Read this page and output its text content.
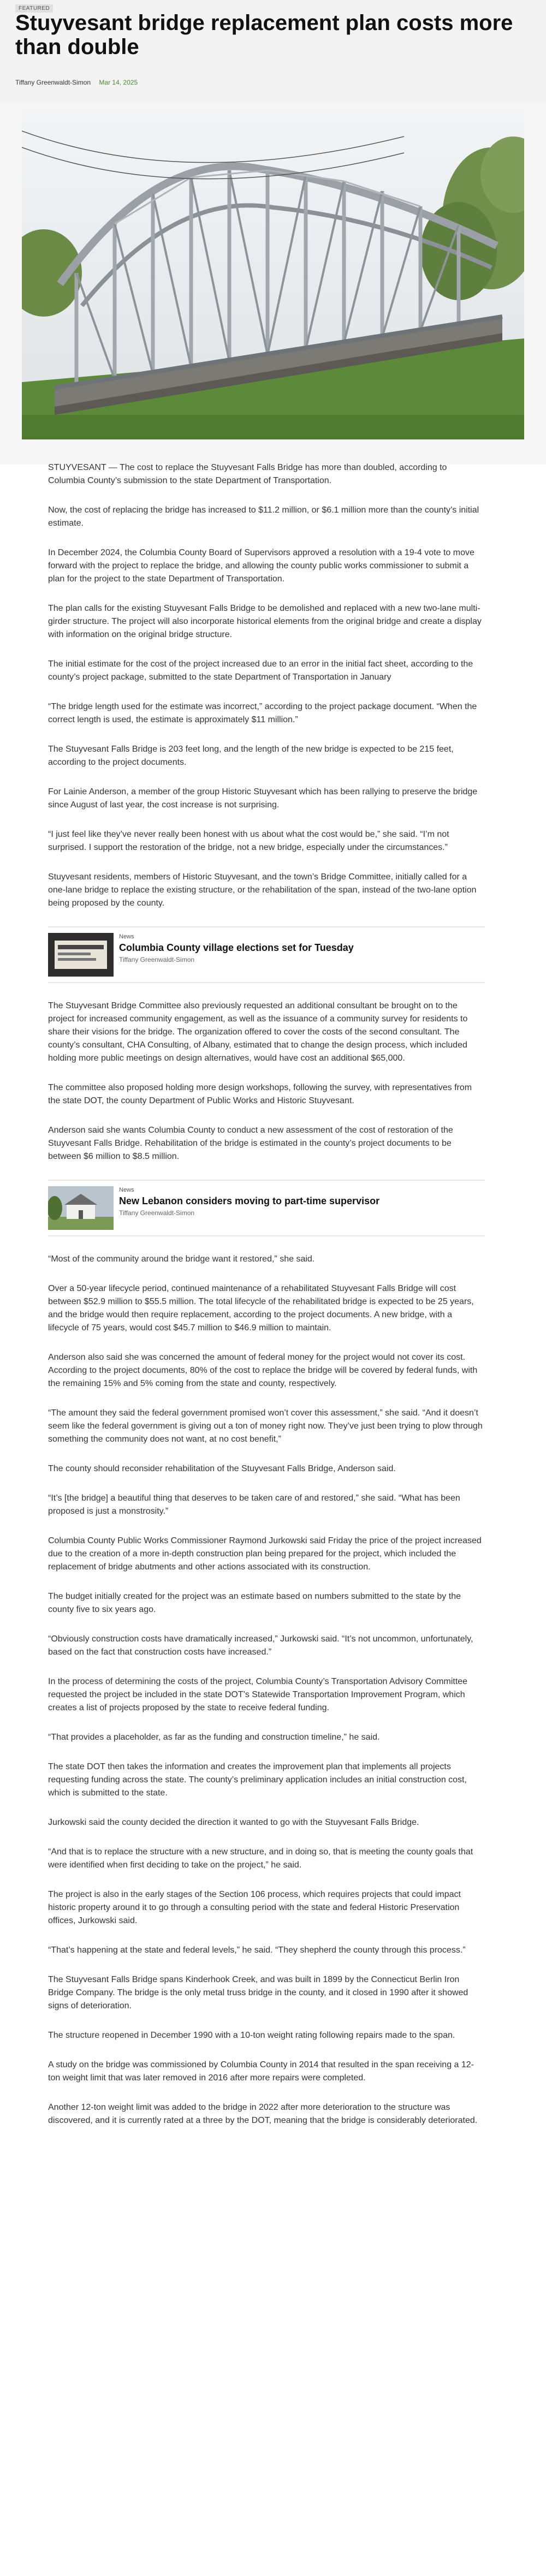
FEATURED
Stuyvesant bridge replacement plan costs more than double
Tiffany Greenwaldt-Simon Mar 14, 2025

STUYVESANT — The cost to replace the Stuyvesant Falls Bridge has more than doubled, according to Columbia County’s submission to the state Department of Transportation.

Now, the cost of replacing the bridge has increased to $11.2 million, or $6.1 million more than the county’s initial estimate.

In December 2024, the Columbia County Board of Supervisors approved a resolution with a 19-4 vote to move forward with the project to replace the bridge, and allowing the county public works commissioner to submit a plan for the project to the state Department of Transportation.

The plan calls for the existing Stuyvesant Falls Bridge to be demolished and replaced with a new two-lane multi-girder structure. The project will also incorporate historical elements from the original bridge and create a display with information on the original bridge structure.

The initial estimate for the cost of the project increased due to an error in the initial fact sheet, according to the county’s project package, submitted to the state Department of Transportation in January

“The bridge length used for the estimate was incorrect,” according to the project package document. “When the correct length is used, the estimate is approximately $11 million.”

The Stuyvesant Falls Bridge is 203 feet long, and the length of the new bridge is expected to be 215 feet, according to the project documents.

For Lainie Anderson, a member of the group Historic Stuyvesant which has been rallying to preserve the bridge since August of last year, the cost increase is not surprising.

“I just feel like they’ve never really been honest with us about what the cost would be,” she said. “I’m not surprised. I support the restoration of the bridge, not a new bridge, especially under the circumstances.”

Stuyvesant residents, members of Historic Stuyvesant, and the town’s Bridge Committee, initially called for a one-lane bridge to replace the existing structure, or the rehabilitation of the span, instead of the two-lane option being proposed by the county.

News
Columbia County village elections set for Tuesday
Tiffany Greenwaldt-Simon

The Stuyvesant Bridge Committee also previously requested an additional consultant be brought on to the project for increased community engagement, as well as the issuance of a community survey for residents to share their visions for the bridge. The organization offered to cover the costs of the second consultant. The county’s consultant, CHA Consulting, of Albany, estimated that to change the design process, which included holding more public meetings on design alternatives, would have cost an additional $65,000.

The committee also proposed holding more design workshops, following the survey, with representatives from the state DOT, the county Department of Public Works and Historic Stuyvesant.

Anderson said she wants Columbia County to conduct a new assessment of the cost of restoration of the Stuyvesant Falls Bridge. Rehabilitation of the bridge is estimated in the county’s project documents to be between $6 million to $8.5 million.

News
New Lebanon considers moving to part-time supervisor
Tiffany Greenwaldt-Simon

“Most of the community around the bridge want it restored,” she said.

Over a 50-year lifecycle period, continued maintenance of a rehabilitated Stuyvesant Falls Bridge will cost between $52.9 million to $55.5 million. The total lifecycle of the rehabilitated bridge is expected to be 25 years, and the bridge would then require replacement, according to the project documents. A new bridge, with a lifecycle of 75 years, would cost $45.7 million to $46.9 million to maintain.

Anderson also said she was concerned the amount of federal money for the project would not cover its cost. According to the project documents, 80% of the cost to replace the bridge will be covered by federal funds, with the remaining 15% and 5% coming from the state and county, respectively.

“The amount they said the federal government promised won’t cover this assessment,” she said. “And it doesn’t seem like the federal government is giving out a ton of money right now. They’ve just been trying to plow through something the community does not want, at no cost benefit,”

The county should reconsider rehabilitation of the Stuyvesant Falls Bridge, Anderson said.

“It’s [the bridge] a beautiful thing that deserves to be taken care of and restored,” she said. “What has been proposed is just a monstrosity.”

Columbia County Public Works Commissioner Raymond Jurkowski said Friday the price of the project increased due to the creation of a more in-depth construction plan being prepared for the project, which included the replacement of bridge abutments and other actions associated with its construction.

The budget initially created for the project was an estimate based on numbers submitted to the state by the county five to six years ago.

“Obviously construction costs have dramatically increased,” Jurkowski said. “It’s not uncommon, unfortunately, based on the fact that construction costs have increased.”

In the process of determining the costs of the project, Columbia County’s Transportation Advisory Committee requested the project be included in the state DOT’s Statewide Transportation Improvement Program, which creates a list of projects proposed by the state to receive federal funding.

“That provides a placeholder, as far as the funding and construction timeline,” he said.

The state DOT then takes the information and creates the improvement plan that implements all projects requesting funding across the state. The county’s preliminary application includes an initial construction cost, which is submitted to the state.

Jurkowski said the county decided the direction it wanted to go with the Stuyvesant Falls Bridge.

“And that is to replace the structure with a new structure, and in doing so, that is meeting the county goals that were identified when first deciding to take on the project,” he said.

The project is also in the early stages of the Section 106 process, which requires projects that could impact historic property around it to go through a consulting period with the state and federal Historic Preservation offices, Jurkowski said.

“That’s happening at the state and federal levels,” he said. “They shepherd the county through this process.”

The Stuyvesant Falls Bridge spans Kinderhook Creek, and was built in 1899 by the Connecticut Berlin Iron Bridge Company. The bridge is the only metal truss bridge in the county, and it closed in 1990 after it showed signs of deterioration.

The structure reopened in December 1990 with a 10-ton weight rating following repairs made to the span.

A study on the bridge was commissioned by Columbia County in 2014 that resulted in the span receiving a 12-ton weight limit that was later removed in 2016 after more repairs were completed.

Another 12-ton weight limit was added to the bridge in 2022 after more deterioration to the structure was discovered, and it is currently rated at a three by the DOT, meaning that the bridge is considerably deteriorated.
